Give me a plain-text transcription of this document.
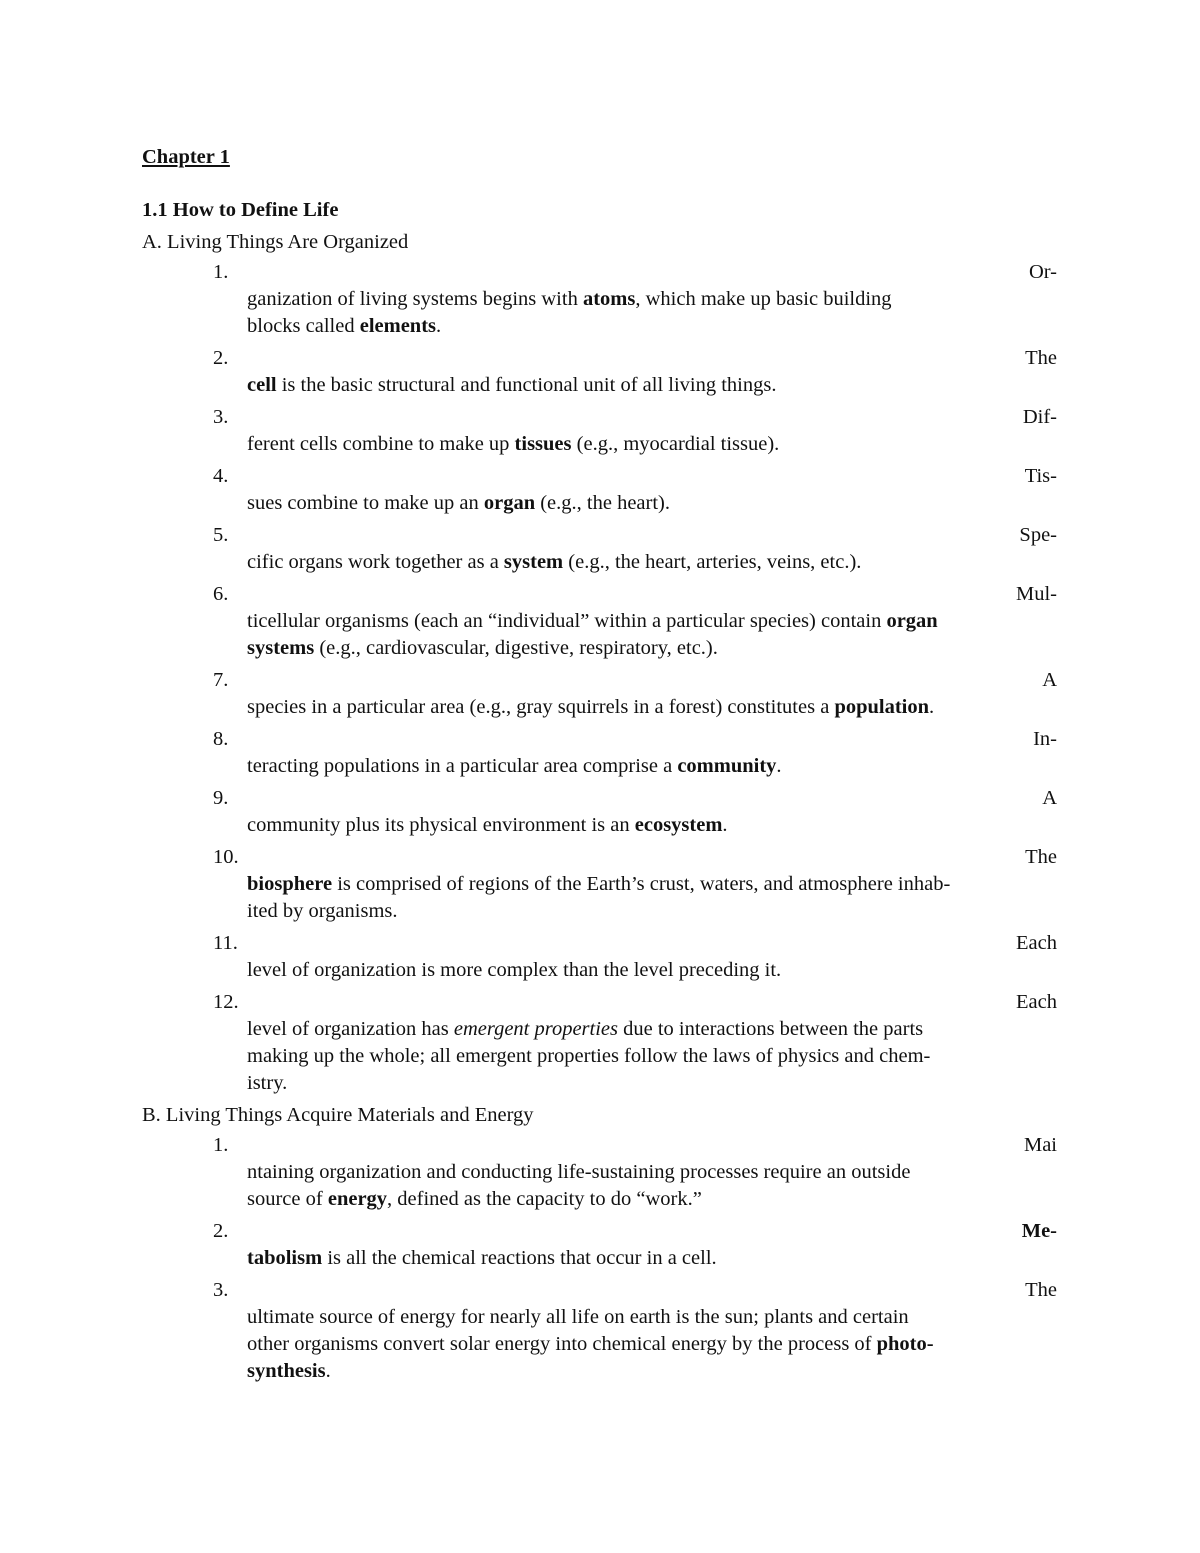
Chapter 1
1.1 How to Define Life
A. Living Things Are Organized
1.	Or-
ganization of living systems begins with atoms, which make up basic building
blocks called elements.
2.	The
cell is the basic structural and functional unit of all living things.
3.	Dif-
ferent cells combine to make up tissues (e.g., myocardial tissue).
4.	Tis-
sues combine to make up an organ (e.g., the heart).
5.	Spe-
cific organs work together as a system (e.g., the heart, arteries, veins, etc.).
6.	Mul-
ticellular organisms (each an “individual” within a particular species) contain organ
systems (e.g., cardiovascular, digestive, respiratory, etc.).
7.	A
species in a particular area (e.g., gray squirrels in a forest) constitutes a population.
8.	In-
teracting populations in a particular area comprise a community.
9.	A
community plus its physical environment is an ecosystem.
10.	The
biosphere is comprised of regions of the Earth’s crust, waters, and atmosphere inhab-
ited by organisms.
11.	Each
level of organization is more complex than the level preceding it.
12.	Each
level of organization has emergent properties due to interactions between the parts
making up the whole; all emergent properties follow the laws of physics and chem-
istry.
B. Living Things Acquire Materials and Energy
1.	Mai
ntaining organization and conducting life-sustaining processes require an outside
source of energy, defined as the capacity to do “work.”
2.	Me-
tabolism is all the chemical reactions that occur in a cell.
3.	The
ultimate source of energy for nearly all life on earth is the sun; plants and certain
other organisms convert solar energy into chemical energy by the process of photo-
synthesis.
